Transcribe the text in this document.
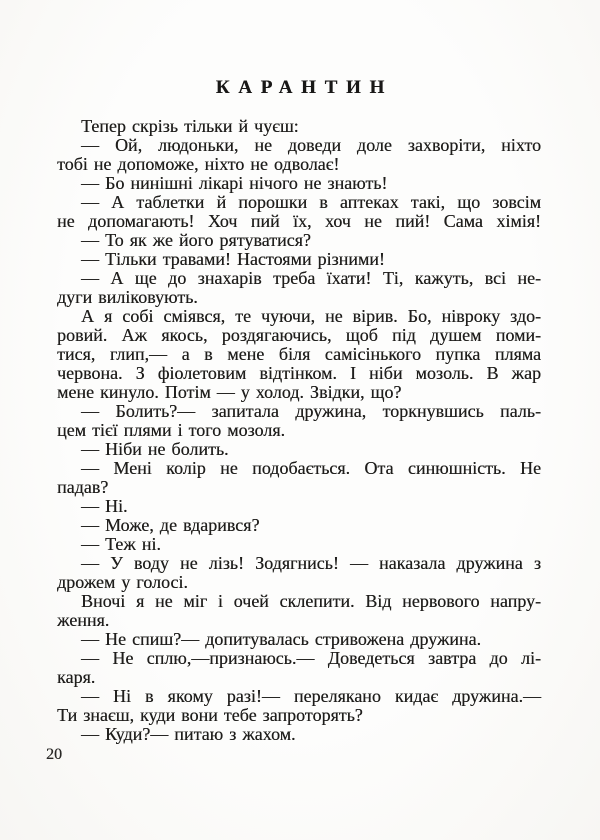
КАРАНТИН
Тепер скрізь тільки й чуєш:
— Ой, людоньки, не доведи доле захворіти, ніхто
тобі не допоможе, ніхто не одволає!
— Бо нинішні лікарі нічого не знають!
— А таблетки й порошки в аптеках такі, що зовсім
не допомагають! Хоч пий їх, хоч не пий! Сама хімія!
— То як же його рятуватися?
— Тільки травами! Настоями різними!
— А ще до знахарів треба їхати! Ті, кажуть, всі не-
дуги виліковують.
А я собі сміявся, те чуючи, не вірив. Бо, нівроку здо-
ровий. Аж якось, роздягаючись, щоб під душем поми-
тися, глип,— а в мене біля самісінького пупка пляма
червона. З фіолетовим відтінком. І ніби мозоль. В жар
мене кинуло. Потім — у холод. Звідки, що?
— Болить?— запитала дружина, торкнувшись паль-
цем тієї плями і того мозоля.
— Ніби не болить.
— Мені колір не подобається. Ота синюшність. Не
падав?
— Ні.
— Може, де вдарився?
— Теж ні.
— У воду не лізь! Зодягнись! — наказала дружина з
дрожем у голосі.
Вночі я не міг і очей склепити. Від нервового напру-
ження.
— Не спиш?— допитувалась стривожена дружина.
— Не сплю,—признаюсь.— Доведеться завтра до лі-
каря.
— Ні в якому разі!— перелякано кидає дружина.—
Ти знаєш, куди вони тебе запроторять?
— Куди?— питаю з жахом.
20
